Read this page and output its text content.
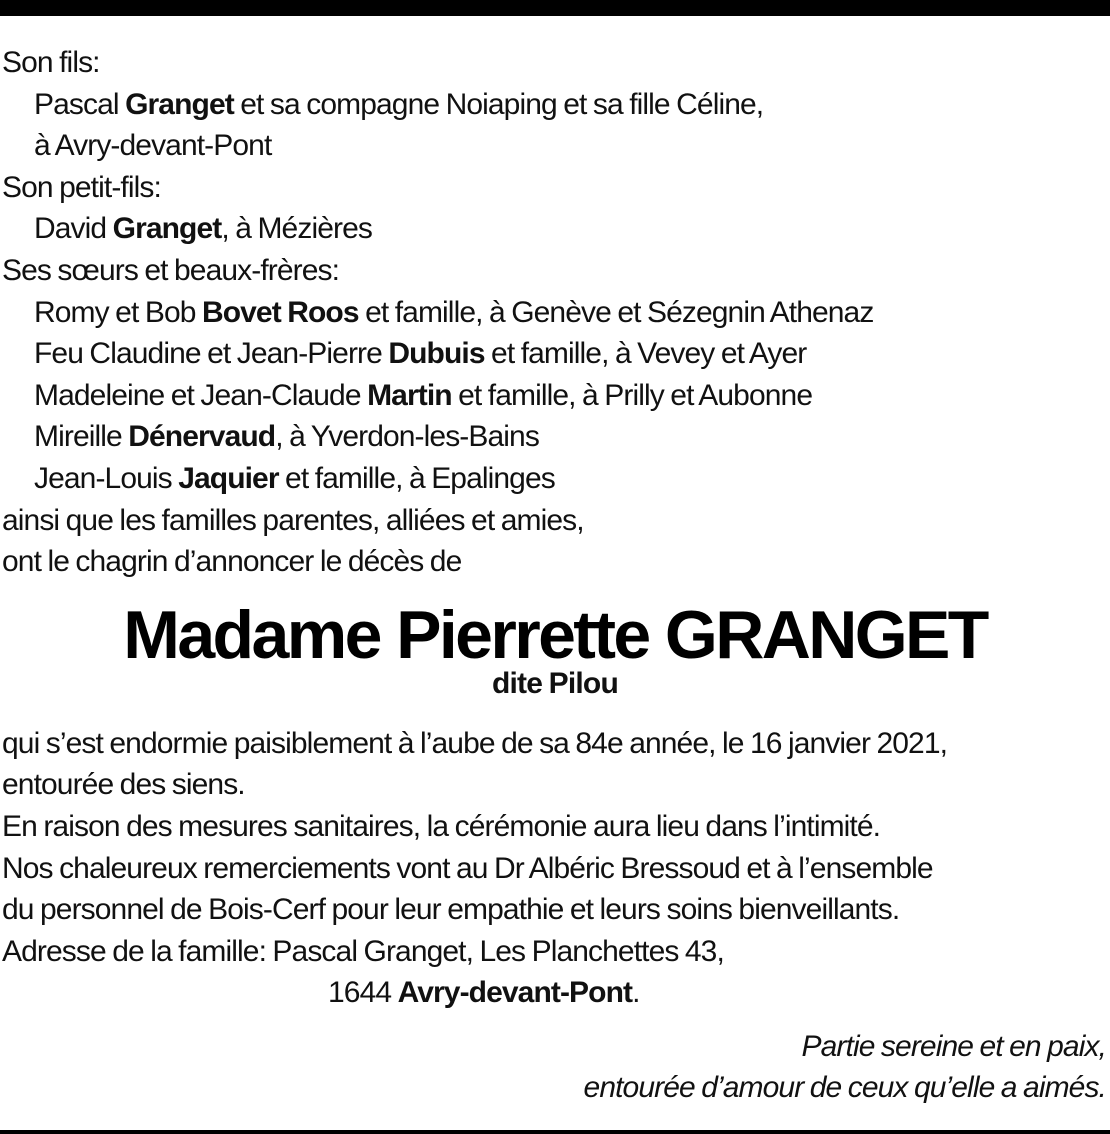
Son fils:
Pascal Granget et sa compagne Noiaping et sa fille Céline,
à Avry-devant-Pont
Son petit-fils:
David Granget, à Mézières
Ses sœurs et beaux-frères:
Romy et Bob Bovet Roos et famille, à Genève et Sézegnin Athenaz
Feu Claudine et Jean-Pierre Dubuis et famille, à Vevey et Ayer
Madeleine et Jean-Claude Martin et famille, à Prilly et Aubonne
Mireille Dénervaud, à Yverdon-les-Bains
Jean-Louis Jaquier et famille, à Epalinges
ainsi que les familles parentes, alliées et amies,
ont le chagrin d’annoncer le décès de
Madame Pierrette GRANGET
dite Pilou
qui s’est endormie paisiblement à l’aube de sa 84e année, le 16 janvier 2021,
entourée des siens.
En raison des mesures sanitaires, la cérémonie aura lieu dans l’intimité.
Nos chaleureux remerciements vont au Dr Albéric Bressoud et à l’ensemble
du personnel de Bois-Cerf pour leur empathie et leurs soins bienveillants.
Adresse de la famille: Pascal Granget, Les Planchettes 43,
1644 Avry-devant-Pont.
Partie sereine et en paix,
entourée d’amour de ceux qu’elle a aimés.
